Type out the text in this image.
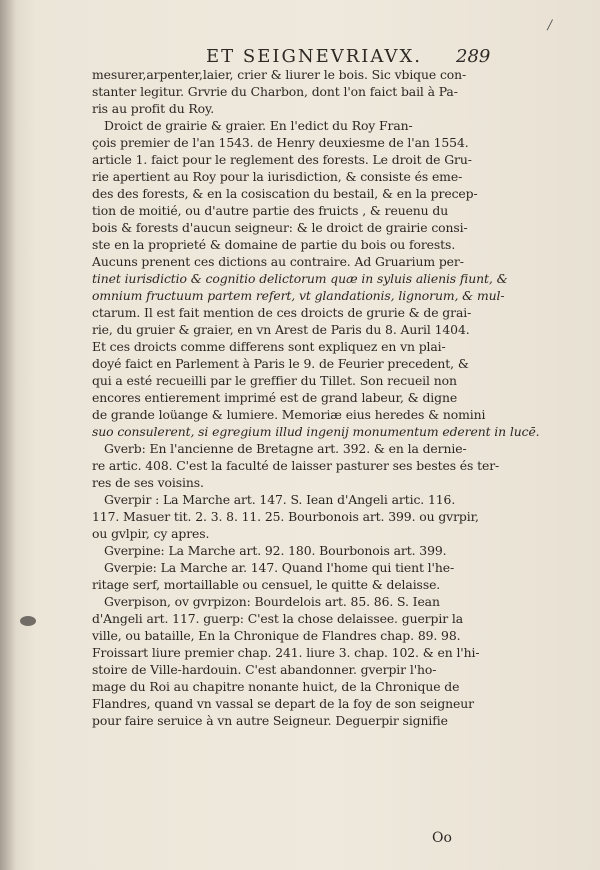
/
ET SEIGNEVRIAVX. 289
mesurer,arpenter,laier, crier & liurer le bois. Sic vbique con-
stanter legitur. Grvrie du Charbon, dont l'on faict bail à Pa-
ris au profit du Roy.
Droict de grairie & graier. En l'edict du Roy Fran-
çois premier de l'an 1543. de Henry deuxiesme de l'an 1554.
article 1. faict pour le reglement des forests. Le droit de Gru-
rie apertient au Roy pour la iurisdiction, & consiste és eme-
des des forests, & en la cosiscation du bestail, & en la precep-
tion de moitié, ou d'autre partie des fruicts , & reuenu du
bois & forests d'aucun seigneur: & le droict de grairie consi-
ste en la proprieté & domaine de partie du bois ou forests.
Aucuns prenent ces dictions au contraire. Ad Gruarium per-
tinet iurisdictio & cognitio delictorum quæ in syluis alienis fiunt, &
omnium fructuum partem refert, vt glandationis, lignorum, & mul-
ctarum. Il est fait mention de ces droicts de grurie & de grai-
rie, du gruier & graier, en vn Arest de Paris du 8. Auril 1404.
Et ces droicts comme differens sont expliquez en vn plai-
doyé faict en Parlement à Paris le 9. de Feurier precedent, &
qui a esté recueilli par le greffier du Tillet. Son recueil non
encores entierement imprimé est de grand labeur, & digne
de grande loüange & lumiere. Memoriæ eius heredes & nomini
suo consulerent, si egregium illud ingenij monumentum ederent in lucē.
Gverb: En l'ancienne de Bretagne art. 392. & en la dernie-
re artic. 408. C'est la faculté de laisser pasturer ses bestes és ter-
res de ses voisins.
Gverpir : La Marche art. 147. S. Iean d'Angeli artic. 116.
117. Masuer tit. 2. 3. 8. 11. 25. Bourbonois art. 399. ou gvrpir,
ou gvlpir, cy apres.
Gverpine: La Marche art. 92. 180. Bourbonois art. 399.
Gverpie: La Marche ar. 147. Quand l'home qui tient l'he-
ritage serf, mortaillable ou censuel, le quitte & delaisse.
Gverpison, ov gvrpizon: Bourdelois art. 85. 86. S. Iean
d'Angeli art. 117. guerp: C'est la chose delaissee. guerpir la
ville, ou bataille, En la Chronique de Flandres chap. 89. 98.
Froissart liure premier chap. 241. liure 3. chap. 102. & en l'hi-
stoire de Ville-hardouin. C'est abandonner. gverpir l'ho-
mage du Roi au chapitre nonante huict, de la Chronique de
Flandres, quand vn vassal se depart de la foy de son seigneur
pour faire seruice à vn autre Seigneur. Deguerpir signifie
Oo
